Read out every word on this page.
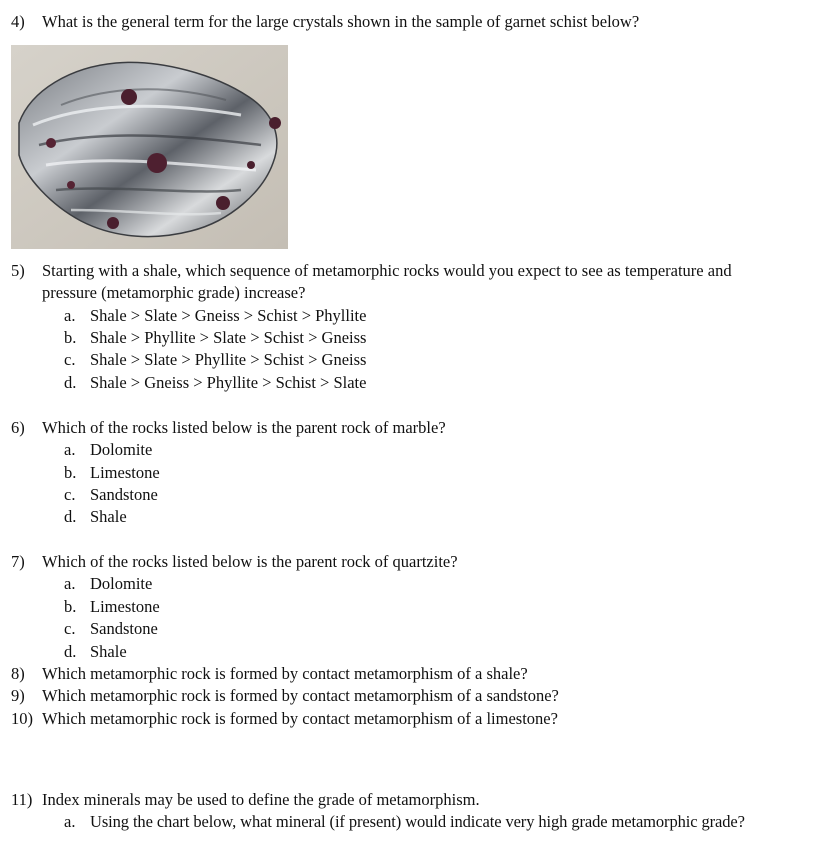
4) What is the general term for the large crystals shown in the sample of garnet schist below?
5) Starting with a shale, which sequence of metamorphic rocks would you expect to see as temperature and
pressure (metamorphic grade) increase?
a. Shale > Slate > Gneiss > Schist > Phyllite
b. Shale > Phyllite > Slate > Schist > Gneiss
c. Shale > Slate > Phyllite > Schist > Gneiss
d. Shale > Gneiss > Phyllite > Schist > Slate
6) Which of the rocks listed below is the parent rock of marble?
a. Dolomite
b. Limestone
c. Sandstone
d. Shale
7) Which of the rocks listed below is the parent rock of quartzite?
a. Dolomite
b. Limestone
c. Sandstone
d. Shale
8) Which metamorphic rock is formed by contact metamorphism of a shale?
9) Which metamorphic rock is formed by contact metamorphism of a sandstone?
10) Which metamorphic rock is formed by contact metamorphism of a limestone?
11) Index minerals may be used to define the grade of metamorphism.
a. Using the chart below, what mineral (if present) would indicate very high grade metamorphic grade?
